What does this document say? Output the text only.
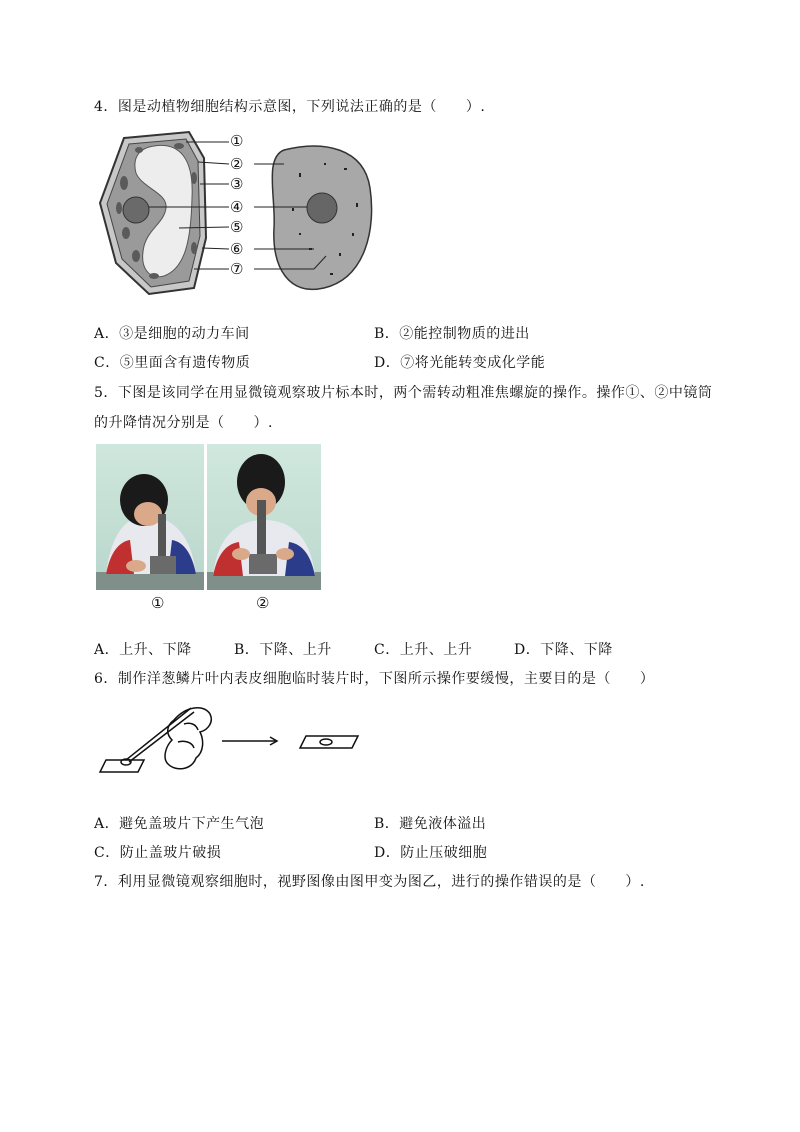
4．图是动植物细胞结构示意图，下列说法正确的是（　　）.
①
②
③
④
⑤
⑥
⑦
A．③是细胞的动力车间	B．②能控制物质的进出
C．⑤里面含有遗传物质	D．⑦将光能转变成化学能
5．下图是该同学在用显微镜观察玻片标本时，两个需转动粗准焦螺旋的操作。操作①、②中镜筒
的升降情况分别是（　　）.
①	②
A．上升、下降	B．下降、上升	C．上升、上升	D．下降、下降
6．制作洋葱鳞片叶内表皮细胞临时装片时，下图所示操作要缓慢，主要目的是（　　）
A．避免盖玻片下产生气泡	B．避免液体溢出
C．防止盖玻片破损	D．防止压破细胞
7．利用显微镜观察细胞时，视野图像由图甲变为图乙，进行的操作错误的是（　　）.
